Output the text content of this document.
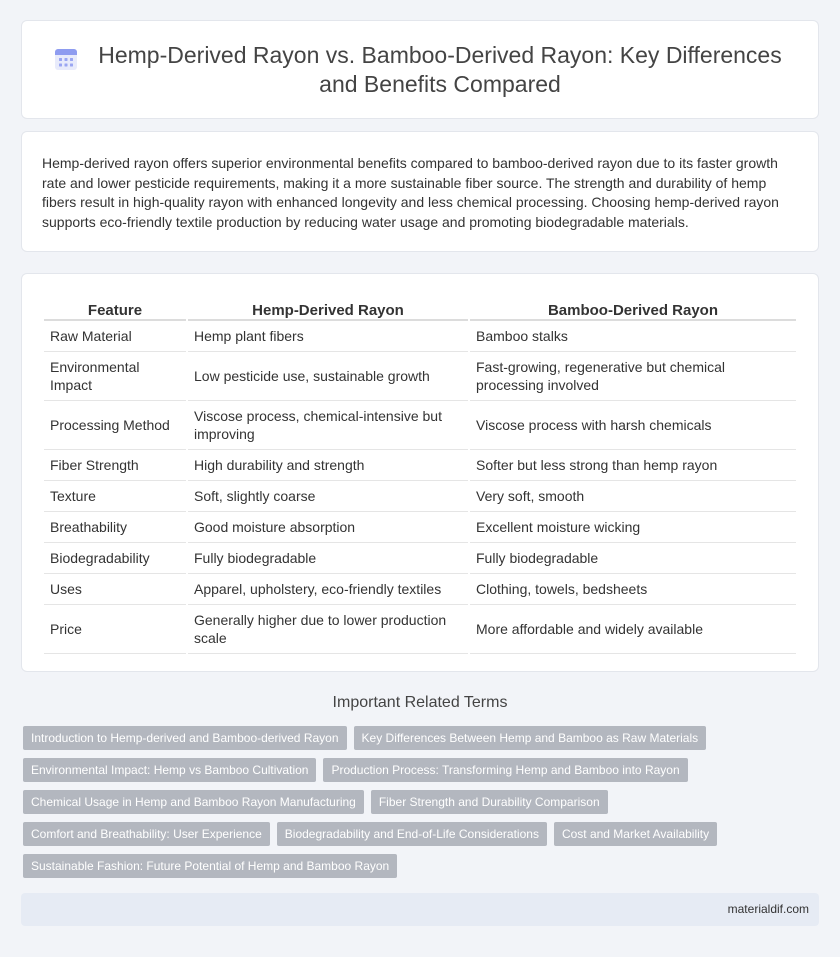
Hemp-Derived Rayon vs. Bamboo-Derived Rayon: Key Differences and Benefits Compared

Hemp-derived rayon offers superior environmental benefits compared to bamboo-derived rayon due to its faster growth rate and lower pesticide requirements, making it a more sustainable fiber source. The strength and durability of hemp fibers result in high-quality rayon with enhanced longevity and less chemical processing. Choosing hemp-derived rayon supports eco-friendly textile production by reducing water usage and promoting biodegradable materials.

Feature	Hemp-Derived Rayon	Bamboo-Derived Rayon
Raw Material	Hemp plant fibers	Bamboo stalks
Environmental Impact	Low pesticide use, sustainable growth	Fast-growing, regenerative but chemical processing involved
Processing Method	Viscose process, chemical-intensive but improving	Viscose process with harsh chemicals
Fiber Strength	High durability and strength	Softer but less strong than hemp rayon
Texture	Soft, slightly coarse	Very soft, smooth
Breathability	Good moisture absorption	Excellent moisture wicking
Biodegradability	Fully biodegradable	Fully biodegradable
Uses	Apparel, upholstery, eco-friendly textiles	Clothing, towels, bedsheets
Price	Generally higher due to lower production scale	More affordable and widely available
Important Related Terms
Introduction to Hemp-derived and Bamboo-derived Rayon	Key Differences Between Hemp and Bamboo as Raw Materials
Environmental Impact: Hemp vs Bamboo Cultivation	Production Process: Transforming Hemp and Bamboo into Rayon
Chemical Usage in Hemp and Bamboo Rayon Manufacturing	Fiber Strength and Durability Comparison
Comfort and Breathability: User Experience	Biodegradability and End-of-Life Considerations	Cost and Market Availability
Sustainable Fashion: Future Potential of Hemp and Bamboo Rayon
materialdif.com
